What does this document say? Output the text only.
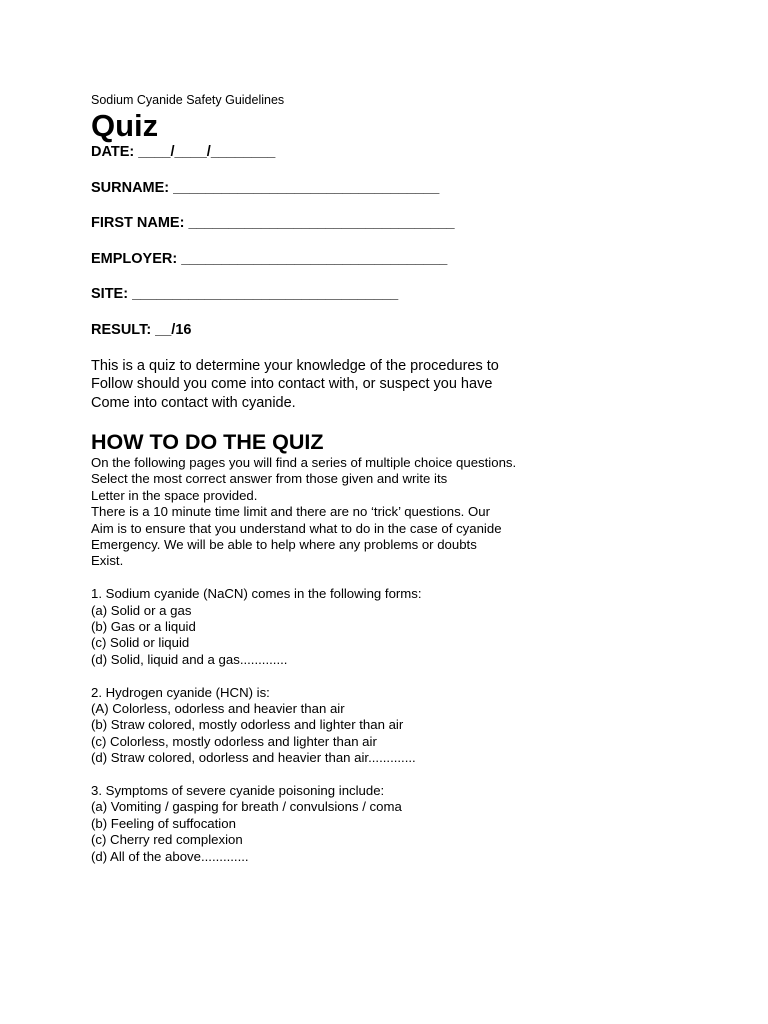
Sodium Cyanide Safety Guidelines

Quiz

DATE: ____/____/________

SURNAME: _________________________________

FIRST NAME: _________________________________

EMPLOYER: _________________________________

SITE: _________________________________

RESULT: __/16

This is a quiz to determine your knowledge of the procedures to
Follow should you come into contact with, or suspect you have
Come into contact with cyanide.

HOW TO DO THE QUIZ

On the following pages you will find a series of multiple choice questions.
Select the most correct answer from those given and write its
Letter in the space provided.
There is a 10 minute time limit and there are no ‘trick’ questions. Our
Aim is to ensure that you understand what to do in the case of cyanide
Emergency. We will be able to help where any problems or doubts
Exist.

1. Sodium cyanide (NaCN) comes in the following forms:
(a) Solid or a gas
(b) Gas or a liquid
(c) Solid or liquid
(d) Solid, liquid and a gas.............
2. Hydrogen cyanide (HCN) is:
(A) Colorless, odorless and heavier than air
(b) Straw colored, mostly odorless and lighter than air
(c) Colorless, mostly odorless and lighter than air
(d) Straw colored, odorless and heavier than air.............
3. Symptoms of severe cyanide poisoning include:
(a) Vomiting / gasping for breath / convulsions / coma
(b) Feeling of suffocation
(c) Cherry red complexion
(d) All of the above.............
